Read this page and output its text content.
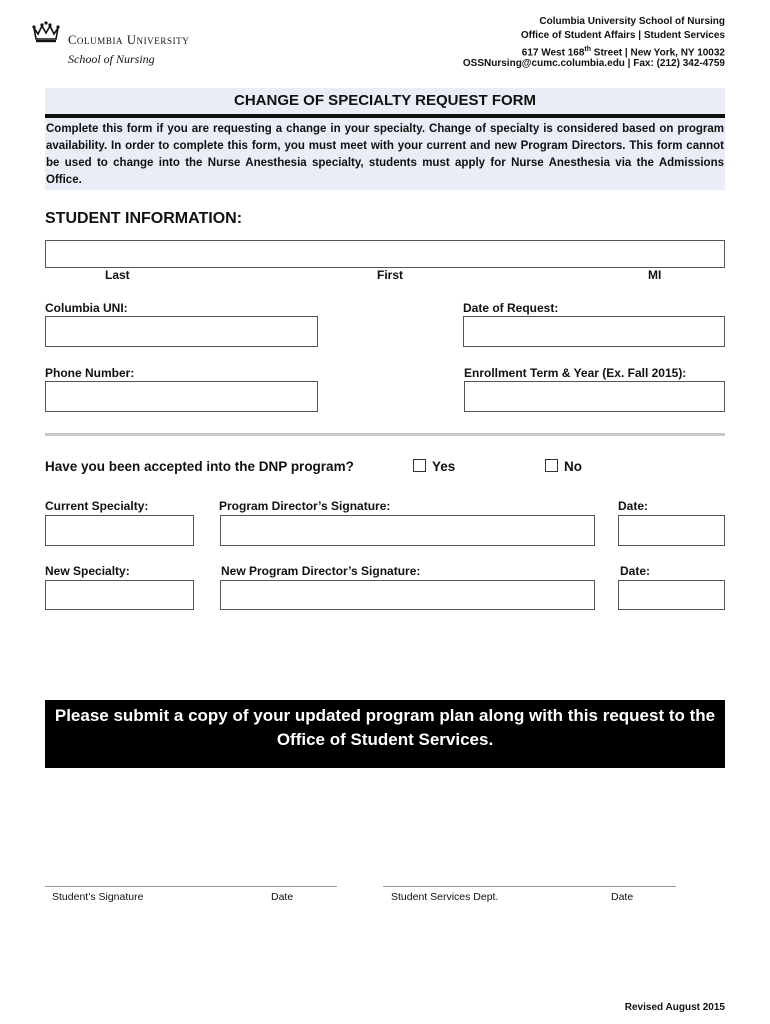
Columbia University
School of Nursing
Columbia University School of Nursing
Office of Student Affairs | Student Services
617 West 168th Street | New York, NY 10032
OSSNursing@cumc.columbia.edu | Fax: (212) 342-4759
CHANGE OF SPECIALTY REQUEST FORM
Complete this form if you are requesting a change in your specialty. Change of specialty is considered based on program availability. In order to complete this form, you must meet with your current and new Program Directors. This form cannot be used to change into the Nurse Anesthesia specialty, students must apply for Nurse Anesthesia via the Admissions Office.
STUDENT INFORMATION:
Last	First	MI
Columbia UNI:	Date of Request:
Phone Number:	Enrollment Term & Year (Ex. Fall 2015):
Have you been accepted into the DNP program?	Yes	No
Current Specialty:	Program Director’s Signature:	Date:
New Specialty:	New Program Director’s Signature:	Date:
Please submit a copy of your updated program plan along with this request to the Office of Student Services.
Student’s Signature	Date	Student Services Dept.	Date
Revised August 2015
